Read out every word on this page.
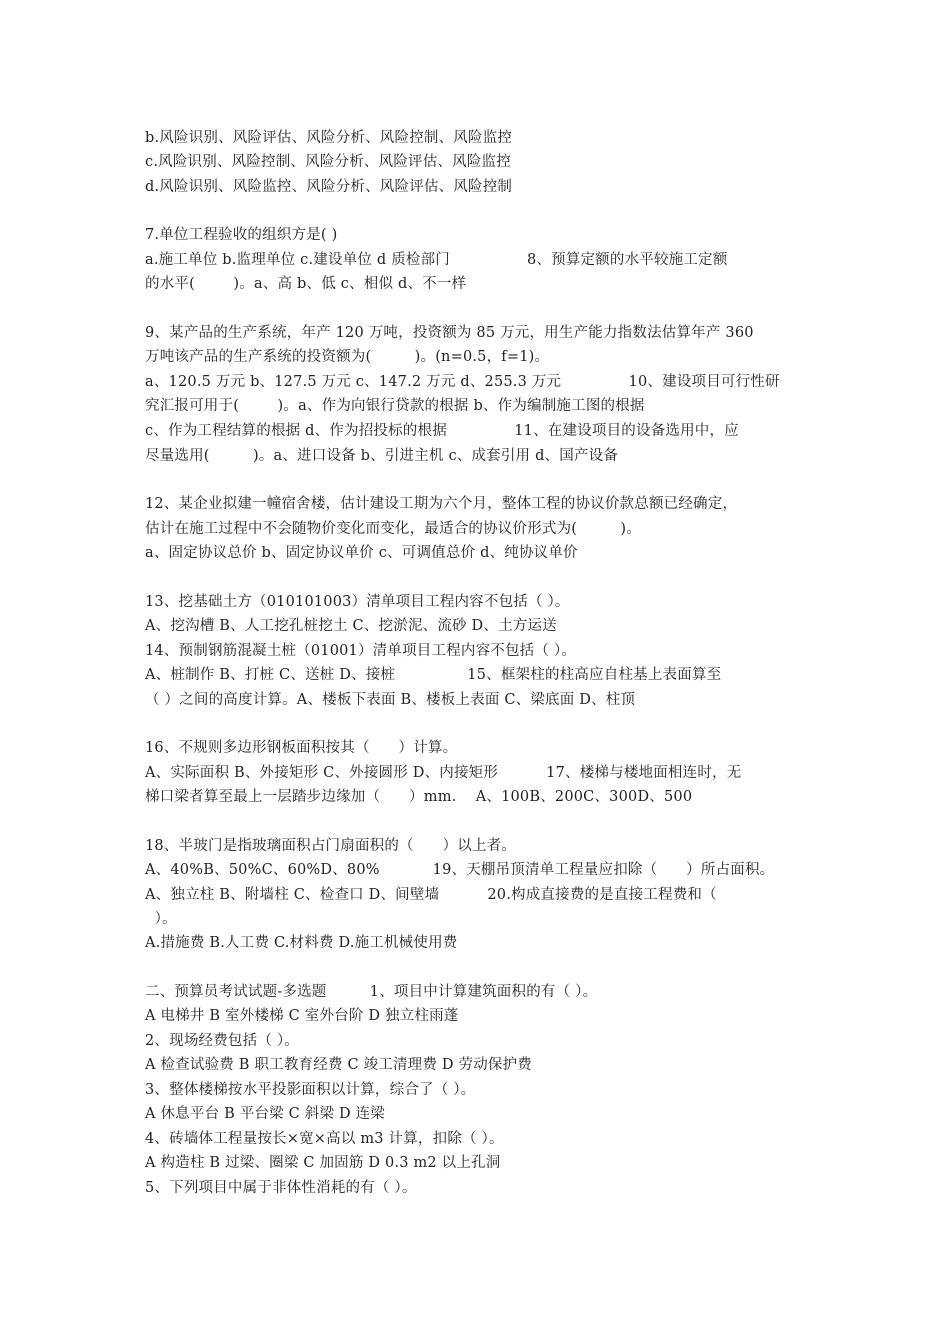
b.风险识别、风险评估、风险分析、风险控制、风险监控
c.风险识别、风险控制、风险分析、风险评估、风险监控
d.风险识别、风险监控、风险分析、风险评估、风险控制
7.单位工程验收的组织方是( )
a.施工单位 b.监理单位 c.建设单位 d 质检部门                8、预算定额的水平较施工定额
的水平(        )。a、高 b、低 c、相似 d、不一样
9、某产品的生产系统，年产 120 万吨，投资额为 85 万元，用生产能力指数法估算年产 360
万吨该产品的生产系统的投资额为(         )。(n=0.5，f=1)。
a、120.5 万元 b、127.5 万元 c、147.2 万元 d、255.3 万元              10、建设项目可行性研
究汇报可用于(        )。a、作为向银行贷款的根据 b、作为编制施工图的根据
c、作为工程结算的根据 d、作为招投标的根据              11、在建设项目的设备选用中，应
尽量选用(         )。a、进口设备 b、引进主机 c、成套引用 d、国产设备
12、某企业拟建一幢宿舍楼，估计建设工期为六个月，整体工程的协议价款总额已经确定，
估计在施工过程中不会随物价变化而变化，最适合的协议价形式为(         )。
a、固定协议总价 b、固定协议单价 c、可调值总价 d、纯协议单价
13、挖基础土方（010101003）清单项目工程内容不包括（ ）。
A、挖沟槽 B、人工挖孔桩挖土 C、挖淤泥、流砂 D、土方运送
14、预制钢筋混凝土桩（01001）清单项目工程内容不包括（ ）。
A、桩制作 B、打桩 C、送桩 D、接桩               15、框架柱的柱高应自柱基上表面算至
（ ）之间的高度计算。A、楼板下表面 B、楼板上表面 C、梁底面 D、柱顶
16、不规则多边形钢板面积按其（      ）计算。
A、实际面积 B、外接矩形 C、外接圆形 D、内接矩形          17、楼梯与楼地面相连时，无
梯口梁者算至最上一层踏步边缘加（      ）mm.    A、100B、200C、300D、500
18、半玻门是指玻璃面积占门扇面积的（      ）以上者。
A、40%B、50%C、60%D、80%           19、天棚吊顶清单工程量应扣除（      ）所占面积。
A、独立柱 B、附墙柱 C、检查口 D、间壁墙          20.构成直接费的是直接工程费和（
）。
A.措施费 B.人工费 C.材料费 D.施工机械使用费
二、预算员考试试题-多选题         1、项目中计算建筑面积的有（ ）。
A 电梯井 B 室外楼梯 C 室外台阶 D 独立柱雨蓬
2、现场经费包括（ ）。
A 检查试验费 B 职工教育经费 C 竣工清理费 D 劳动保护费
3、整体楼梯按水平投影面积以计算，综合了（ ）。
A 休息平台 B 平台梁 C 斜梁 D 连梁
4、砖墙体工程量按长×宽×高以 m3 计算，扣除（ ）。
A 构造柱 B 过梁、圈梁 C 加固筋 D 0.3 m2 以上孔洞
5、下列项目中属于非体性消耗的有（ ）。
